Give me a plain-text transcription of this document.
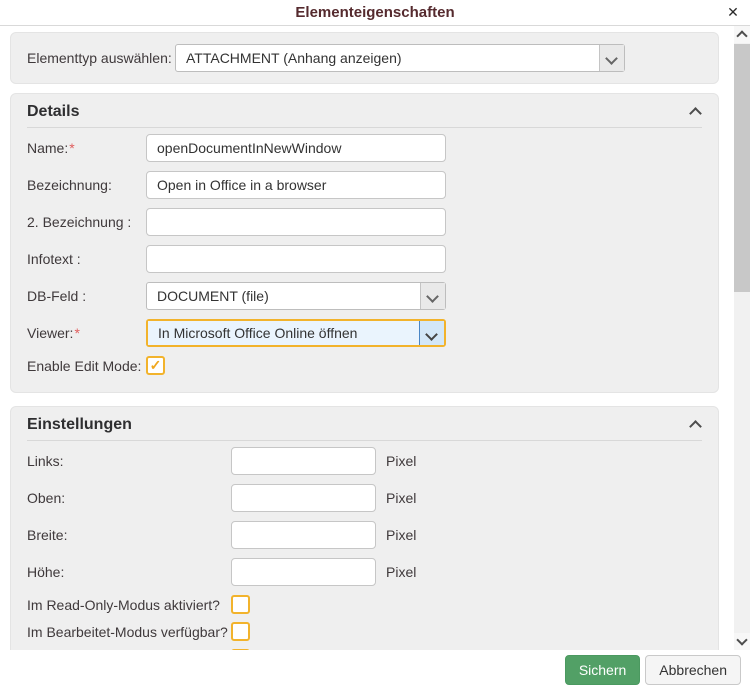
Elementeigenschaften	✕
Elementtyp auswählen:	ATTACHMENT (Anhang anzeigen)
Details
Name:*
openDocumentInNewWindow
Bezeichnung:
Open in Office in a browser
2. Bezeichnung :
Infotext :
DB-Feld :	DOCUMENT (file)
Viewer:*	In Microsoft Office Online öffnen
Enable Edit Mode: ✓
Einstellungen
Links:	Pixel
Oben:	Pixel
Breite:	Pixel
Höhe:	Pixel
Im Read-Only-Modus aktiviert?
Im Bearbeitet-Modus verfügbar?
Sichern	Abbrechen
